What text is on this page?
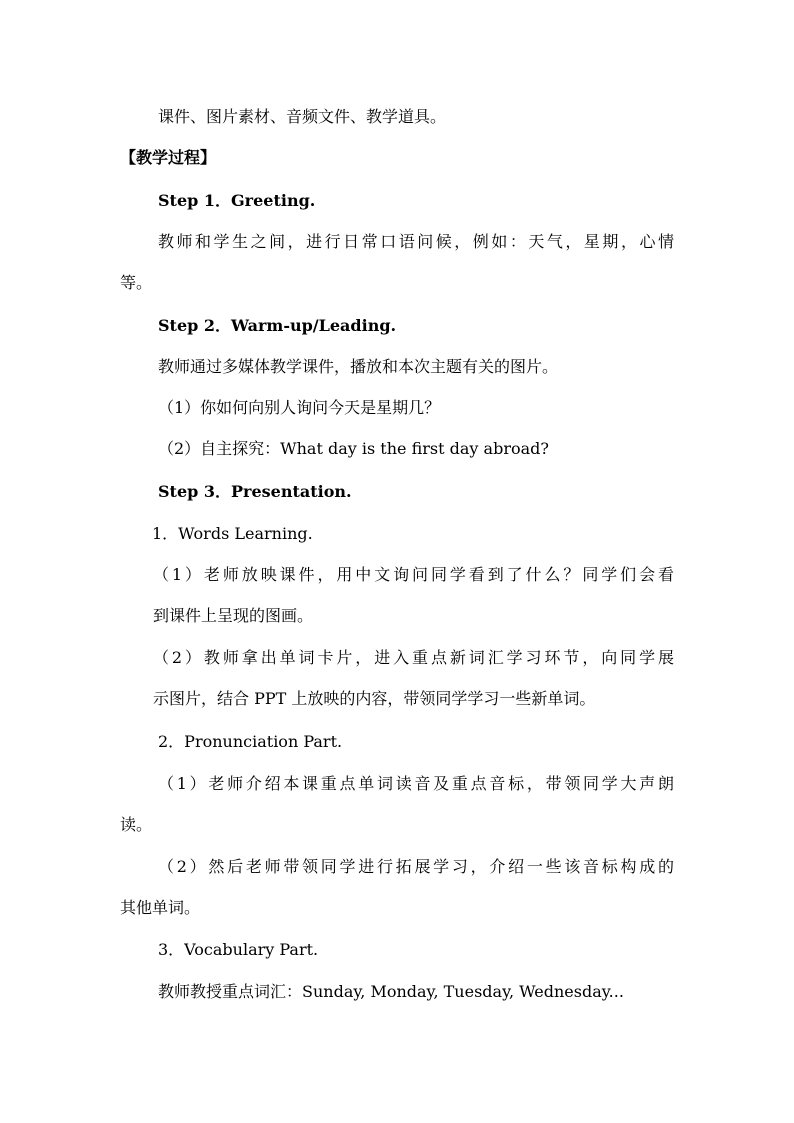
课件、图片素材、音频文件、教学道具。
【教学过程】
Step 1．Greeting.
教师和学生之间，进行日常口语问候，例如：天气，星期，心情
等。
Step 2．Warm-up/Leading.
教师通过多媒体教学课件，播放和本次主题有关的图片。
（1）你如何向别人询问今天是星期几？
（2）自主探究：What day is the first day abroad?
Step 3．Presentation.
1．Words Learning.
（1）老师放映课件，用中文询问同学看到了什么？同学们会看
到课件上呈现的图画。
（2）教师拿出单词卡片，进入重点新词汇学习环节，向同学展
示图片，结合 PPT 上放映的内容，带领同学学习一些新单词。
2．Pronunciation Part.
（1）老师介绍本课重点单词读音及重点音标，带领同学大声朗
读。
（2）然后老师带领同学进行拓展学习，介绍一些该音标构成的
其他单词。
3．Vocabulary Part.
教师教授重点词汇：Sunday, Monday, Tuesday, Wednesday...
